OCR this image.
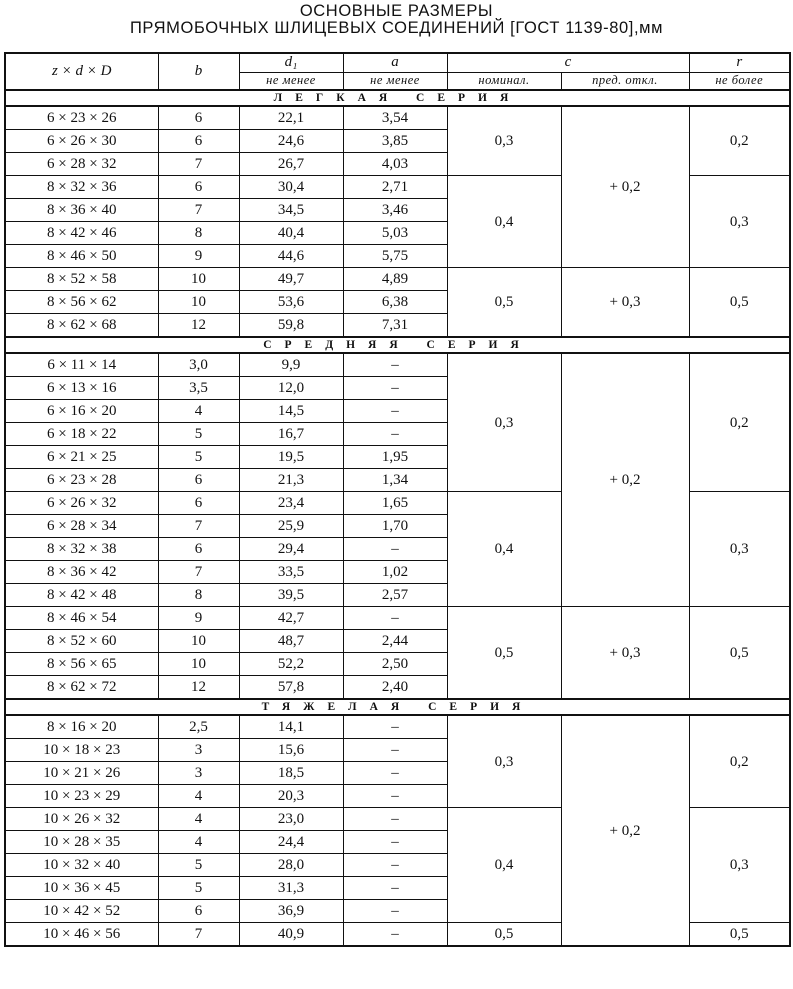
ОСНОВНЫЕ РАЗМЕРЫ
ПРЯМОБОЧНЫХ ШЛИЦЕВЫХ СОЕДИНЕНИЙ [ГОСТ 1139-80],мм
z × d × D	b	d₁	a	c		r
		не менее	не менее	номинал.	пред. откл.	не более
ЛЕГКАЯ СЕРИЯ						
6 × 23 × 26	6	22,1	3,54	0,3	+ 0,2	0,2
6 × 26 × 30	6	24,6	3,85			
6 × 28 × 32	7	26,7	4,03			
8 × 32 × 36	6	30,4	2,71	0,4		0,3
8 × 36 × 40	7	34,5	3,46			
8 × 42 × 46	8	40,4	5,03			
8 × 46 × 50	9	44,6	5,75			
8 × 52 × 58	10	49,7	4,89	0,5	+ 0,3	0,5
8 × 56 × 62	10	53,6	6,38			
8 × 62 × 68	12	59,8	7,31			
СРЕДНЯЯ СЕРИЯ						
6 × 11 × 14	3,0	9,9	–	0,3	+ 0,2	0,2
6 × 13 × 16	3,5	12,0	–			
6 × 16 × 20	4	14,5	–			
6 × 18 × 22	5	16,7	–			
6 × 21 × 25	5	19,5	1,95			
6 × 23 × 28	6	21,3	1,34			
6 × 26 × 32	6	23,4	1,65	0,4		0,3
6 × 28 × 34	7	25,9	1,70			
8 × 32 × 38	6	29,4	–			
8 × 36 × 42	7	33,5	1,02			
8 × 42 × 48	8	39,5	2,57			
8 × 46 × 54	9	42,7	–	0,5	+ 0,3	0,5
8 × 52 × 60	10	48,7	2,44			
8 × 56 × 65	10	52,2	2,50			
8 × 62 × 72	12	57,8	2,40			
ТЯЖЕЛАЯ СЕРИЯ						
8 × 16 × 20	2,5	14,1	–	0,3	+ 0,2	0,2
10 × 18 × 23	3	15,6	–			
10 × 21 × 26	3	18,5	–			
10 × 23 × 29	4	20,3	–			
10 × 26 × 32	4	23,0	–	0,4		0,3
10 × 28 × 35	4	24,4	–			
10 × 32 × 40	5	28,0	–			
10 × 36 × 45	5	31,3	–			
10 × 42 × 52	6	36,9	–			
10 × 46 × 56	7	40,9	–	0,5		0,5
